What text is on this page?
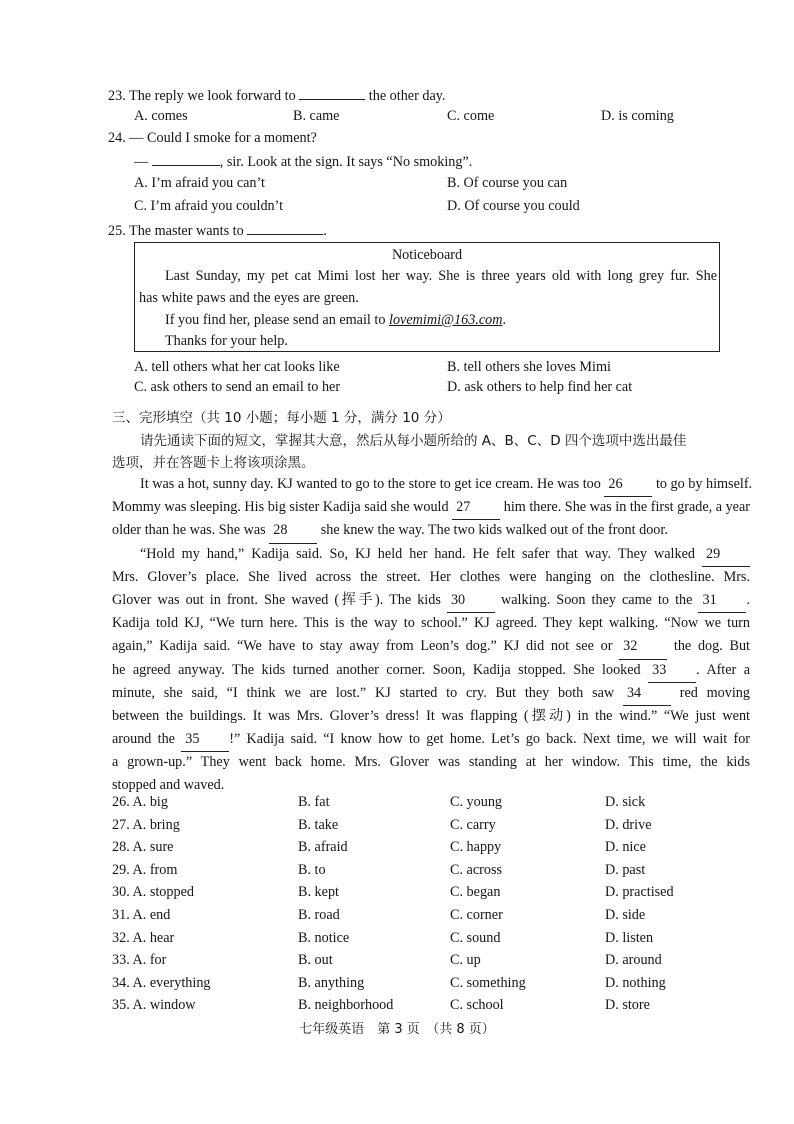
23. The reply we look forward to	the other day.
A. comes	B. came	C. come	D. is coming
24. — Could I smoke for a moment?
—	, sir. Look at the sign. It says “No smoking”.
A. I’m afraid you can’t	B. Of course you can
C. I’m afraid you couldn’t	D. Of course you could
25. The master wants to	.
Noticeboard
Last Sunday, my pet cat Mimi lost her way. She is three years old with long grey fur. She
has white paws and the eyes are green.
If you find her, please send an email to lovemimi@163.com.
Thanks for your help.
A. tell others what her cat looks like	B. tell others she loves Mimi
C. ask others to send an email to her	D. ask others to help find her cat
三、完形填空（共 10 小题；每小题 1 分，满分 10 分）
请先通读下面的短文，掌握其大意，然后从每小题所给的 A、B、C、D 四个选项中选出最佳
选项，并在答题卡上将该项涂黑。
It was a hot, sunny day. KJ wanted to go to the store to get ice cream. He was too 26 to go by himself.
Mommy was sleeping. His big sister Kadija said she would 27 him there. She was in the first grade, a year
older than he was. She was 28 she knew the way. The two kids walked out of the front door.
“Hold my hand,” Kadija said. So, KJ held her hand. He felt safer that way. They walked 29
Mrs. Glover’s place. She lived across the street. Her clothes were hanging on the clothesline. Mrs.
Glover was out in front. She waved (挥手). The kids 30	walking. Soon they came to the 31 .
Kadija told KJ, “We turn here. This is the way to school.” KJ agreed. They kept walking. “Now we turn
again,” Kadija said. “We have to stay away from Leon’s dog.” KJ did not see or 32	the dog. But
he agreed anyway. The kids turned another corner. Soon, Kadija stopped. She looked 33 . After a
minute, she said, “I think we are lost.” KJ started to cry. But they both saw 34	red moving
between the buildings. It was Mrs. Glover’s dress! It was flapping (摆动) in the wind.” “We just went
around the 35 !” Kadija said. “I know how to get home. Let’s go back. Next time, we will wait for
a grown-up.” They went back home. Mrs. Glover was standing at her window. This time, the kids
stopped and waved.
26. A. big	B. fat	C. young	D. sick
27. A. bring	B. take	C. carry	D. drive
28. A. sure	B. afraid	C. happy	D. nice
29. A. from	B. to	C. across	D. past
30. A. stopped	B. kept	C. began	D. practised
31. A. end	B. road	C. corner	D. side
32. A. hear	B. notice	C. sound	D. listen
33. A. for	B. out	C. up	D. around
34. A. everything	B. anything	C. something	D. nothing
35. A. window	B. neighborhood	C. school	D. store
七年级英语　第 3 页　（共 8 页）
